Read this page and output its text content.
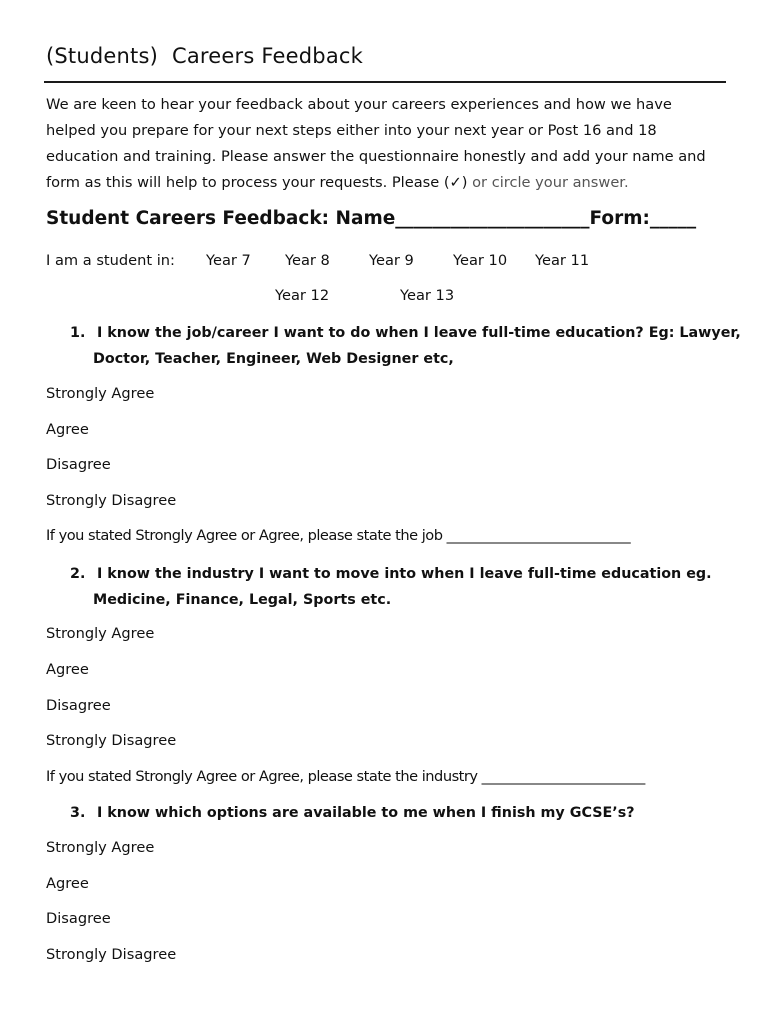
(Students) Careers Feedback
We are keen to hear your feedback about your careers experiences and how we have helped you prepare for your next steps either into your next year or Post 16 and 18 education and training. Please answer the questionnaire honestly and add your name and form as this will help to process your requests. Please (✓) or circle your answer.
Student Careers Feedback: Name_____________________Form:_____
I am a student in: Year 7 Year 8	Year 9	Year 10 Year 11
Year 12	Year 13
1. I know the job/career I want to do when I leave full-time education? Eg: Lawyer,
Doctor, Teacher, Engineer, Web Designer etc,
Strongly Agree
Agree
Disagree
Strongly Disagree
If you stated Strongly Agree or Agree, please state the job ___________________________
2. I know the industry I want to move into when I leave full-time education eg.
Medicine, Finance, Legal, Sports etc.
Strongly Agree
Agree
Disagree
Strongly Disagree
If you stated Strongly Agree or Agree, please state the industry ________________________
3. I know which options are available to me when I finish my GCSE’s?
Strongly Agree
Agree
Disagree
Strongly Disagree
